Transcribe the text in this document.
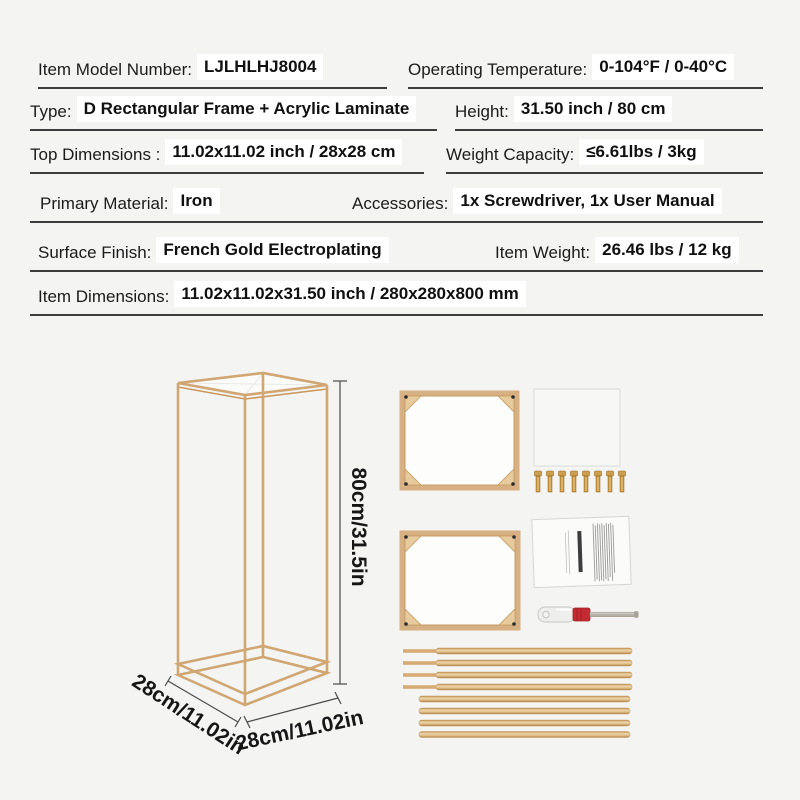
Item Model Number: LJLHLHJ8004	Operating Temperature: 0-104°F / 0-40°C
Type: D Rectangular Frame + Acrylic Laminate	Height: 31.50 inch / 80 cm
Top Dimensions : 11.02x11.02 inch / 28x28 cm	Weight Capacity: ≤6.61lbs / 3kg
Primary Material: Iron	Accessories: 1x Screwdriver, 1x User Manual
Surface Finish: French Gold Electroplating	Item Weight: 26.46 lbs / 12 kg
Item Dimensions: 11.02x11.02x31.50 inch / 280x280x800 mm
80cm/31.5in
28cm/11.02in
28cm/11.02in
